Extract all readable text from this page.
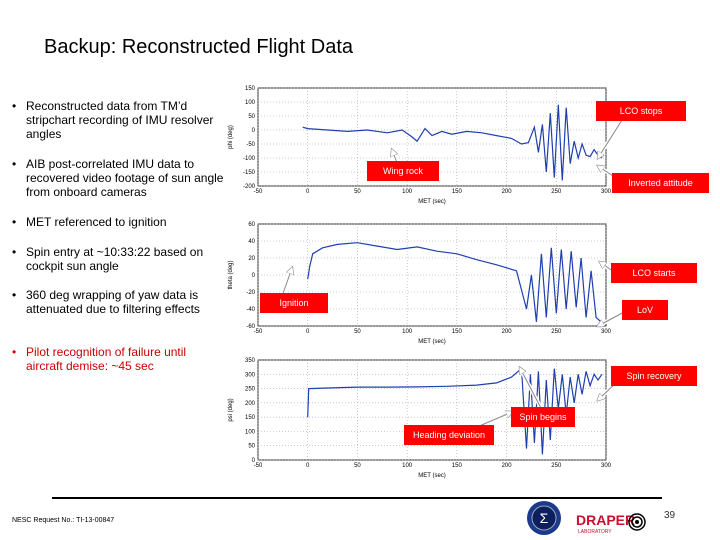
Backup: Reconstructed Flight Data
• Reconstructed data from TM’d stripchart recording of IMU resolver angles
• AIB post-correlated IMU data to recovered video footage of sun angle from onboard cameras
• MET referenced to ignition
• Spin entry at ~10:33:22 based on cockpit sun angle
• 360 deg wrapping of yaw data is attenuated due to filtering effects
• Pilot recognition of failure until aircraft demise: ~45 sec
-50	0	50	100	150	200	250	300
150
100
50
0
-50
-100
-150
-200
MET (sec)
phi (deg)
-50	0	50	100	150	200	250	300
60
40
20
0
-20
-40
-60
MET (sec)
theta (deg)
-50	0	50	100	150	200	250	300
350
300
250
200
150
100
50
0
MET (sec)
psi (deg)
LCO stops
Wing rock
Inverted attitude
LCO starts
Ignition
LoV
Spin recovery
Spin begins
Heading deviation
NESC Request No.: TI-13-00847	39
Σ DRAPER
LABORATORY
